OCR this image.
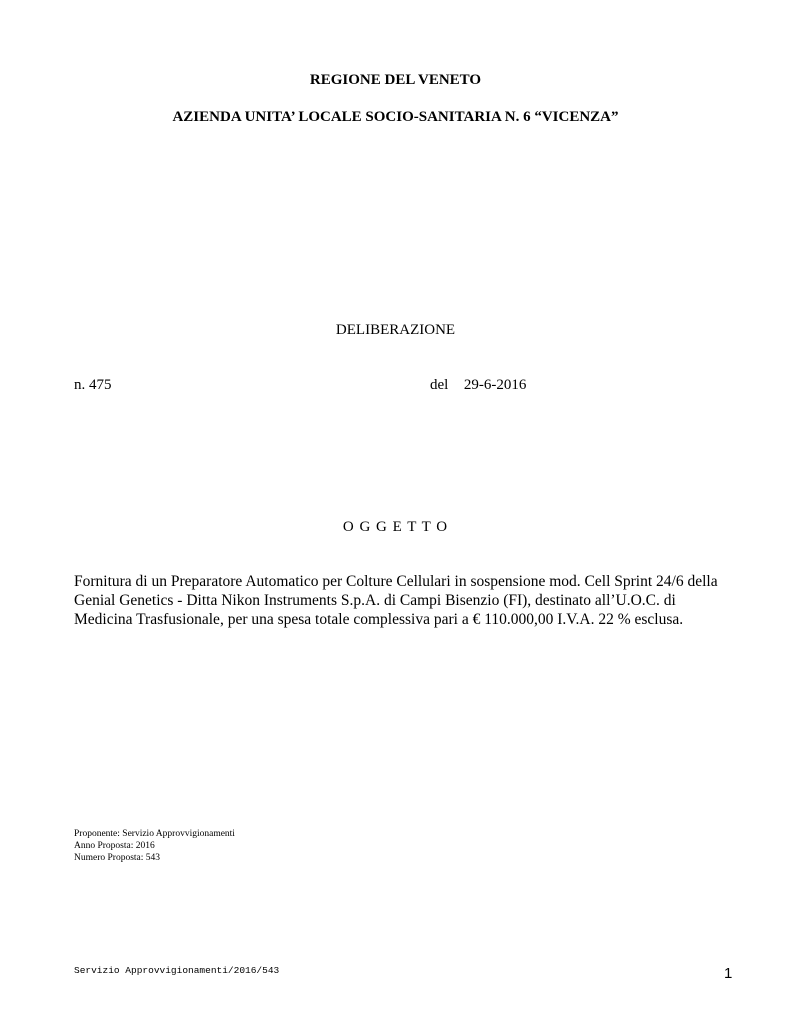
REGIONE DEL VENETO
AZIENDA UNITA’ LOCALE SOCIO-SANITARIA N. 6 “VICENZA”
DELIBERAZIONE
n. 475	del  29-6-2016
O G G E T T O
Fornitura di un Preparatore Automatico per Colture Cellulari in sospensione mod. Cell Sprint 24/6 della Genial Genetics - Ditta Nikon Instruments S.p.A. di Campi Bisenzio (FI), destinato all’U.O.C. di Medicina Trasfusionale, per una spesa totale complessiva pari a € 110.000,00 I.V.A. 22 % esclusa.
Proponente: Servizio Approvvigionamenti
Anno Proposta: 2016
Numero Proposta: 543
Servizio Approvvigionamenti/2016/543	1
